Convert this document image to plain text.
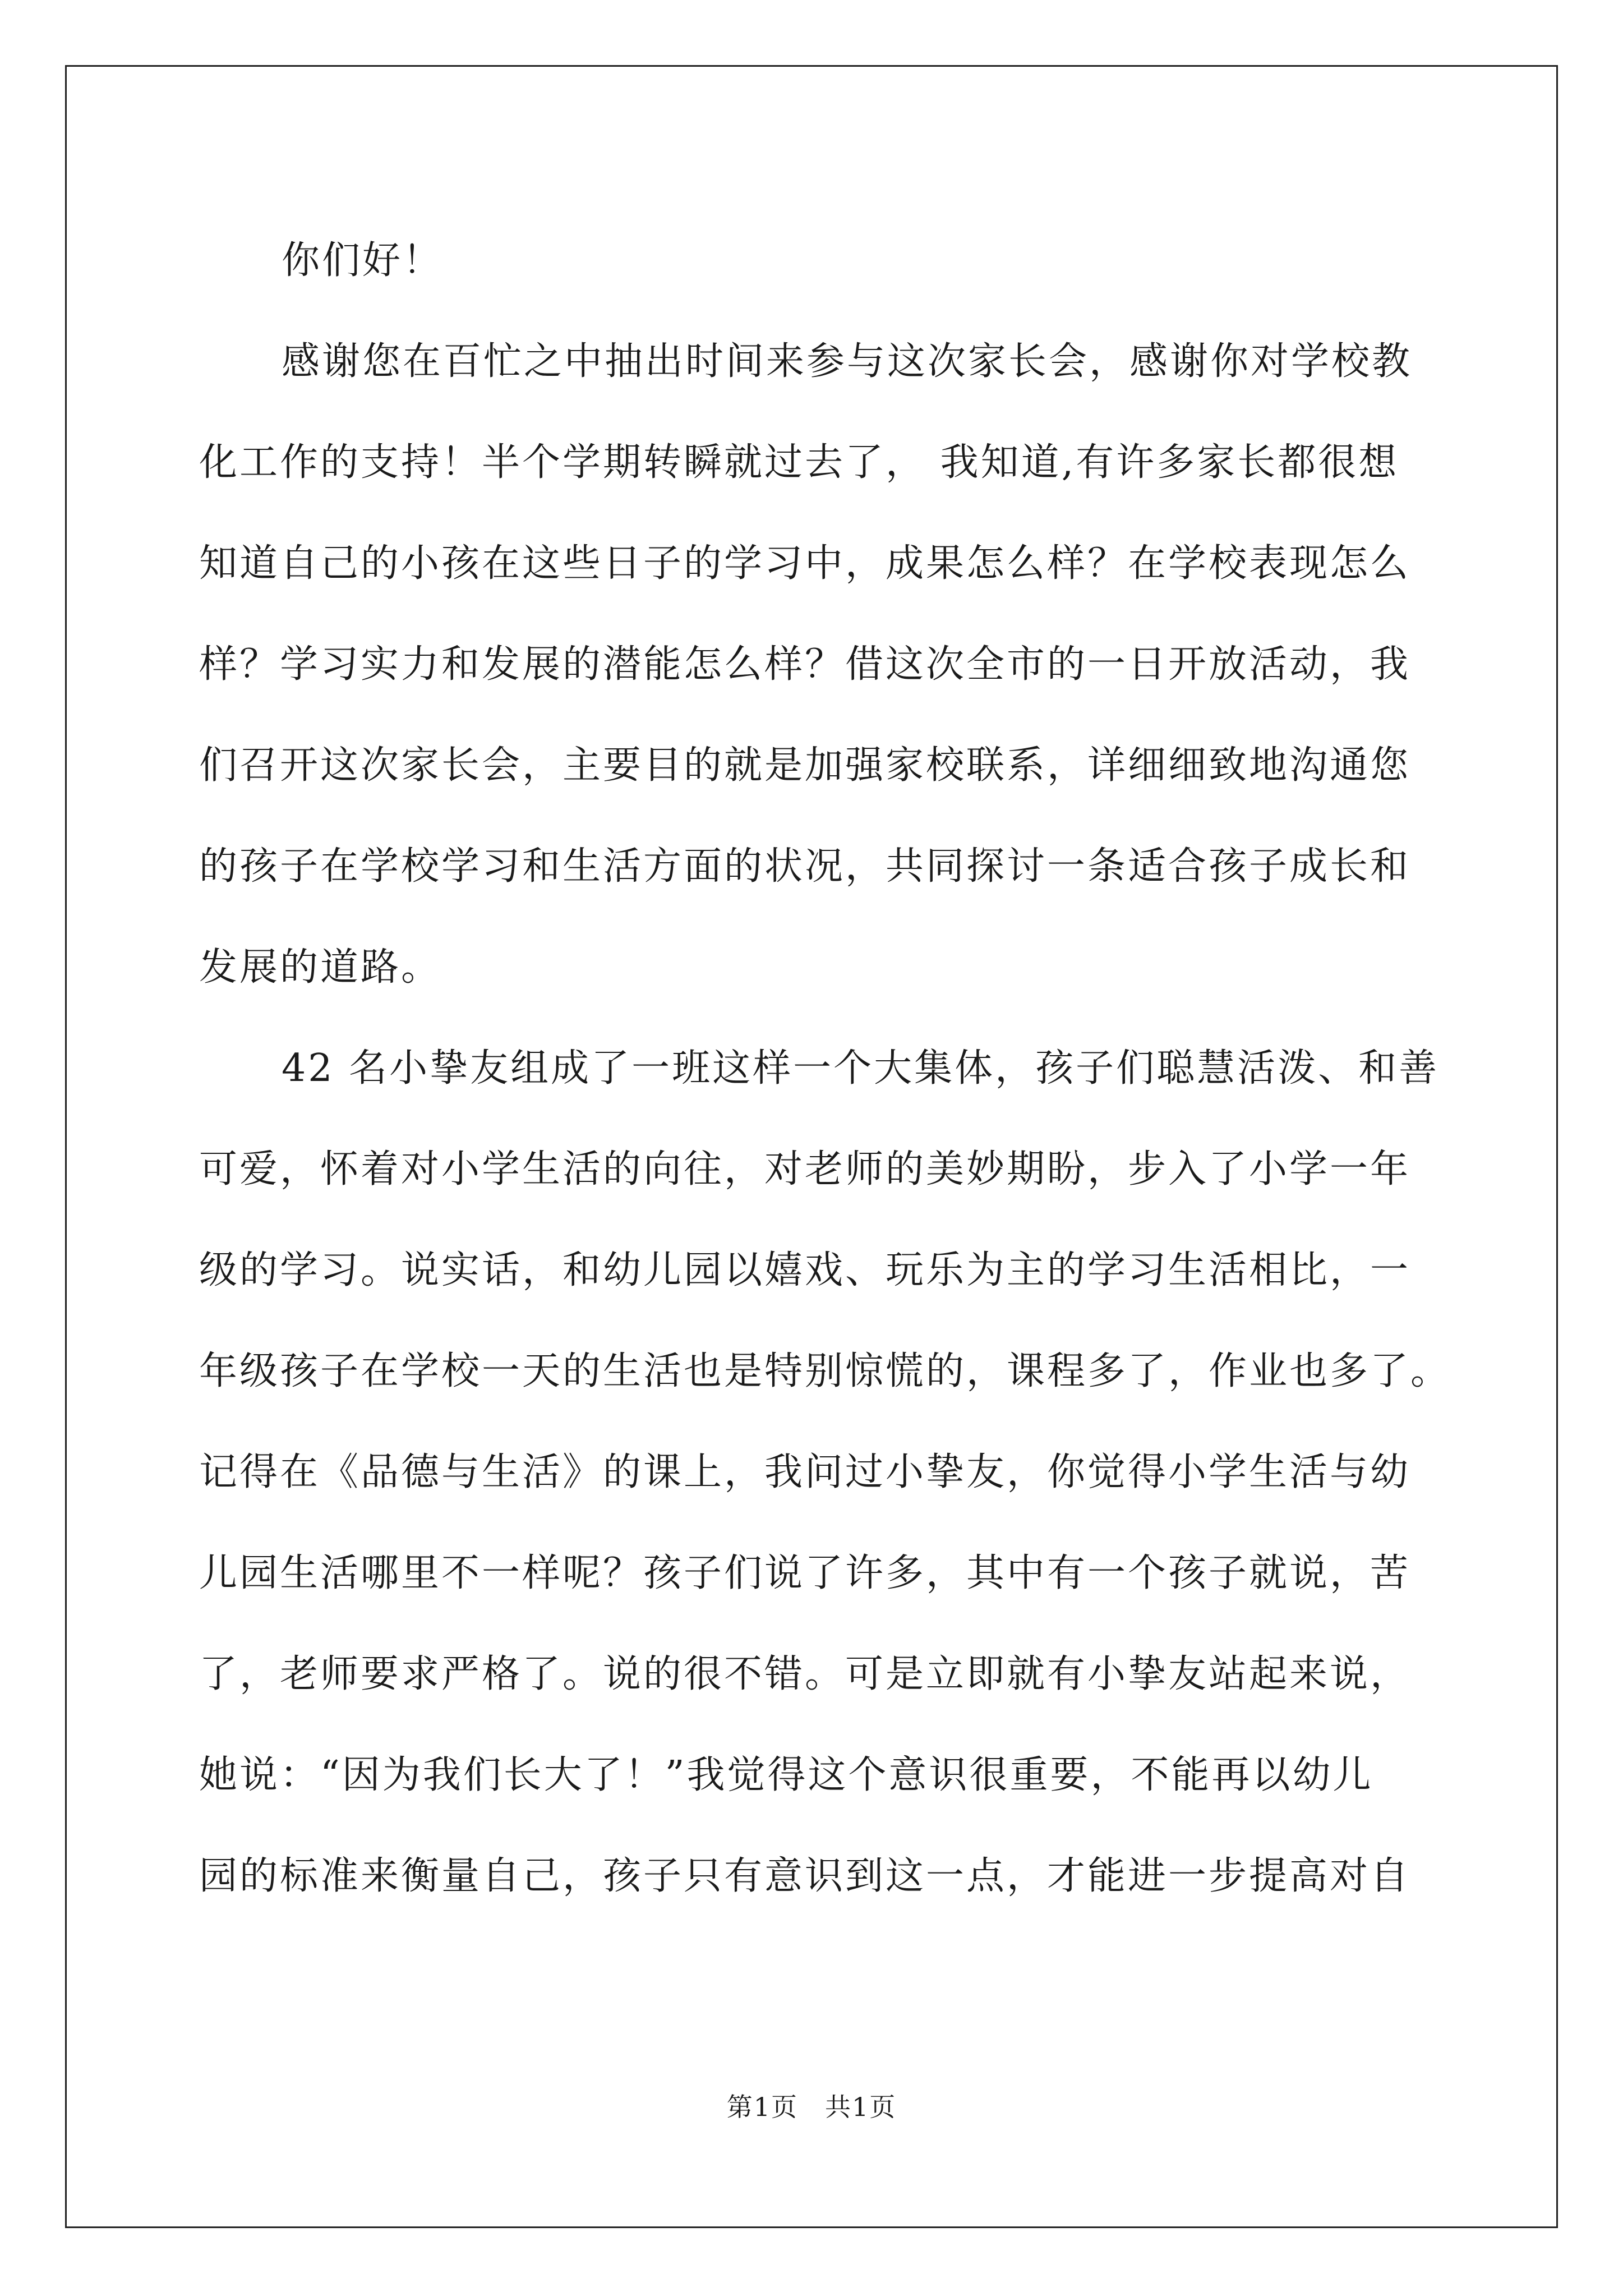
你们好！
感谢您在百忙之中抽出时间来参与这次家长会，感谢你对学校教
化工作的支持！半个学期转瞬就过去了， 我知道,有许多家长都很想
知道自己的小孩在这些日子的学习中，成果怎么样？在学校表现怎么
样？学习实力和发展的潜能怎么样？借这次全市的一日开放活动，我
们召开这次家长会，主要目的就是加强家校联系，详细细致地沟通您
的孩子在学校学习和生活方面的状况，共同探讨一条适合孩子成长和
发展的道路。
42 名小挚友组成了一班这样一个大集体，孩子们聪慧活泼、和善
可爱，怀着对小学生活的向往，对老师的美妙期盼，步入了小学一年
级的学习。说实话，和幼儿园以嬉戏、玩乐为主的学习生活相比，一
年级孩子在学校一天的生活也是特别惊慌的，课程多了，作业也多了。
记得在《品德与生活》的课上，我问过小挚友，你觉得小学生活与幼
儿园生活哪里不一样呢？孩子们说了许多，其中有一个孩子就说，苦
了，老师要求严格了。说的很不错。可是立即就有小挚友站起来说，
她说：“因为我们长大了！”我觉得这个意识很重要，不能再以幼儿
园的标准来衡量自己，孩子只有意识到这一点，才能进一步提高对自
第1页　共1页
